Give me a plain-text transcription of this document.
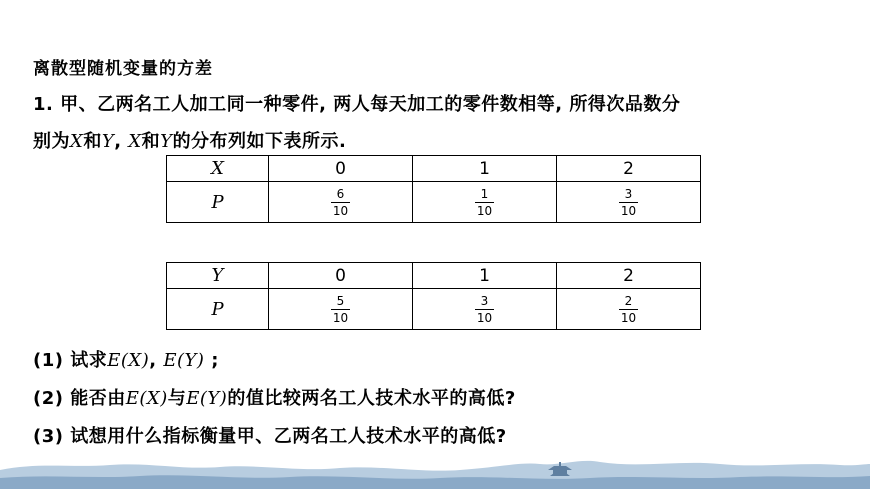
离散型随机变量的方差
1. 甲、乙两名工人加工同一种零件, 两人每天加工的零件数相等, 所得次品数分
别为X和Y, X和Y的分布列如下表所示.
X	0	1	2
P	$\frac{6}{10}$	$\frac{1}{10}$	$\frac{3}{10}$
Y	0	1	2
P	$\frac{5}{10}$	$\frac{3}{10}$	$\frac{2}{10}$
(1) 试求E(X), E(Y) ;
(2) 能否由E(X)与E(Y)的值比较两名工人技术水平的高低?
(3) 试想用什么指标衡量甲、乙两名工人技术水平的高低?
